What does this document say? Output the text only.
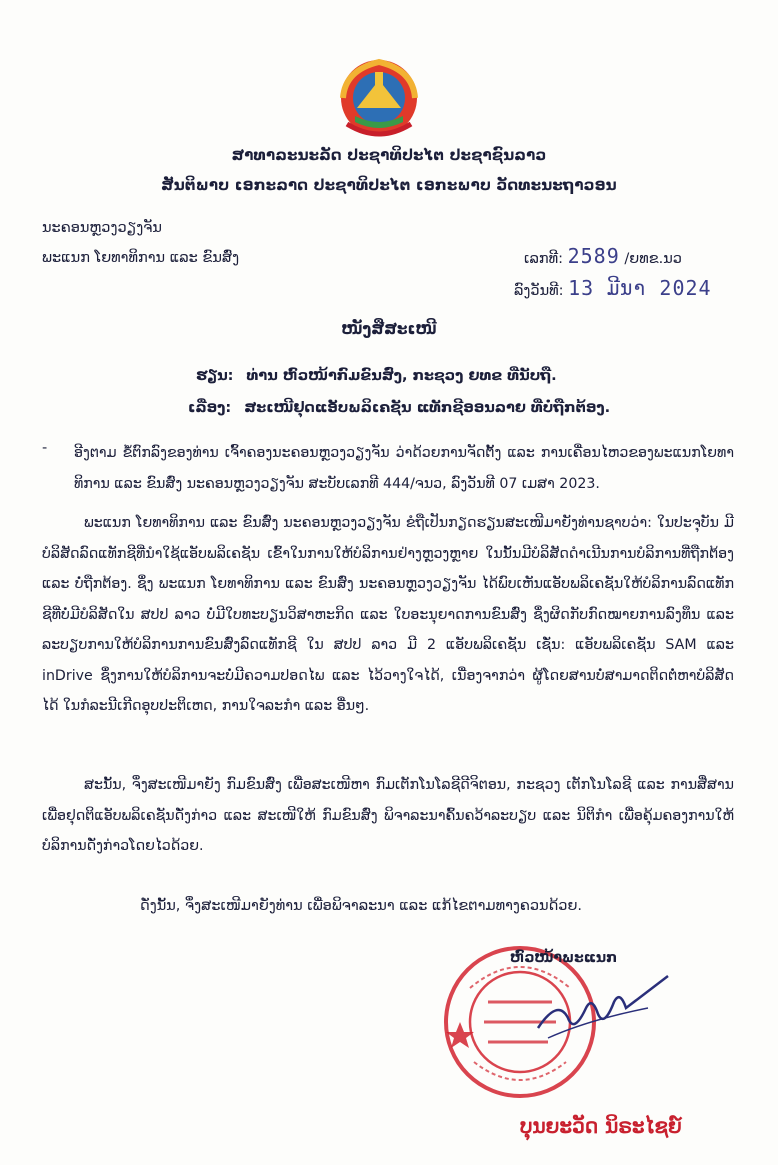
ສາທາລະນະລັດ ປະຊາທິປະໄຕ ປະຊາຊົນລາວ
ສັນຕິພາບ ເອກະລາດ ປະຊາທິປະໄຕ ເອກະພາບ ວັດທະນະຖາວອນ
ນະຄອນຫຼວງວຽງຈັນ
ພະແນກ ໂຍທາທິການ ແລະ ຂົນສົ່ງ	ເລກທີ: 2589 /ຍທຂ.ນວ
ລົງວັນທີ: 13 ມີນາ 2024
ໜັງສືສະເໜີ
ຮຽນ: ທ່ານ ຫົວໜ້າກົມຂົນສົ່ງ, ກະຊວງ ຍທຂ ທີ່ນັບຖື.
ເລື່ອງ: ສະເໜີຢຸດແອັບພລິເຄຊັນ ແທັກຊີອອນລາຍ ທີ່ບໍ່ຖືກຕ້ອງ.
- ອີງຕາມ ຂໍ້ຕົກລົງຂອງທ່ານ ເຈົ້າຄອງນະຄອນຫຼວງວຽງຈັນ ວ່າດ້ວຍການຈັດຕັ້ງ ແລະ ການເຄື່ອນໄຫວຂອງພະແນກໂຍທາທິການ ແລະ ຂົນສົ່ງ ນະຄອນຫຼວງວຽງຈັນ ສະບັບເລກທີ 444/ຈນວ, ລົງວັນທີ 07 ເມສາ 2023.
ພະແນກ ໂຍທາທິການ ແລະ ຂົນສົ່ງ ນະຄອນຫຼວງວຽງຈັນ ຂໍຖືເປັນກຽດຮຽນສະເໜີມາຍັງທ່ານຊາບວ່າ: ໃນປະຈຸບັນ ມີບໍລິສັດລົດແທັກຊີທີ່ນຳໃຊ້ແອັບພລິເຄຊັນ ເຂົ້າໃນການໃຫ້ບໍລິການຢ່າງຫຼວງຫຼາຍ ໃນນັ້ນມີບໍລິສັດດຳເນີນການບໍລິການທີ່ຖືກຕ້ອງ ແລະ ບໍ່ຖືກຕ້ອງ. ຊຶ່ງ ພະແນກ ໂຍທາທິການ ແລະ ຂົນສົ່ງ ນະຄອນຫຼວງວຽງຈັນ ໄດ້ພົບເຫັນແອັບພລິເຄຊັນໃຫ້ບໍລິການລົດແທັກຊີທີ່ບໍ່ມີບໍລິສັດໃນ ສປປ ລາວ ບໍ່ມີໃບທະບຽນວິສາຫະກິດ ແລະ ໃບອະນຸຍາດການຂົນສົ່ງ ຊຶ່ງຜິດກັບກົດໝາຍການລົງທຶນ ແລະ ລະບຽບການໃຫ້ບໍລິການການຂົນສົ່ງລົດແທັກຊີ ໃນ ສປປ ລາວ ມີ 2 ແອັບພລິເຄຊັນ ເຊັ່ນ: ແອັບພລິເຄຊັນ SAM ແລະ inDrive ຊຶ່ງການໃຫ້ບໍລິການຈະບໍ່ມີຄວາມປອດໄພ ແລະ ໄວ້ວາງໃຈໄດ້, ເນື່ອງຈາກວ່າ ຜູ້ໂດຍສານບໍ່ສາມາດຕິດຕໍ່ຫາບໍລິສັດໄດ້ ໃນກໍລະນີເກີດອຸບປະຕິເຫດ, ການໃຈລະກຳ ແລະ ອື່ນໆ.
ສະນັ້ນ, ຈຶ່ງສະເໜີມາຍັງ ກົມຂົນສົ່ງ ເພື່ອສະເໜີຫາ ກົມເຕັກໂນໂລຊີດີຈິຕອນ, ກະຊວງ ເຕັກໂນໂລຊີ ແລະ ການສື່ສານ ເພື່ອຢຸດຕິແອັບພລິເຄຊັນດັ່ງກ່າວ ແລະ ສະເໜີໃຫ້ ກົມຂົນສົ່ງ ພິຈາລະນາຄົ້ນຄວ້າລະບຽບ ແລະ ນິຕິກຳ ເພື່ອຄຸ້ມຄອງການໃຫ້ບໍລິການດັ່ງກ່າວໂດຍໄວດ້ວຍ.
ດັ່ງນັ້ນ, ຈຶ່ງສະເໜີມາຍັງທ່ານ ເພື່ອພິຈາລະນາ ແລະ ແກ້ໄຂຕາມທາງຄວນດ້ວຍ.
ຫົວໜ້າພະແນກ
ບຸນຍະວັດ ນິຣະໄຊຍ໌
